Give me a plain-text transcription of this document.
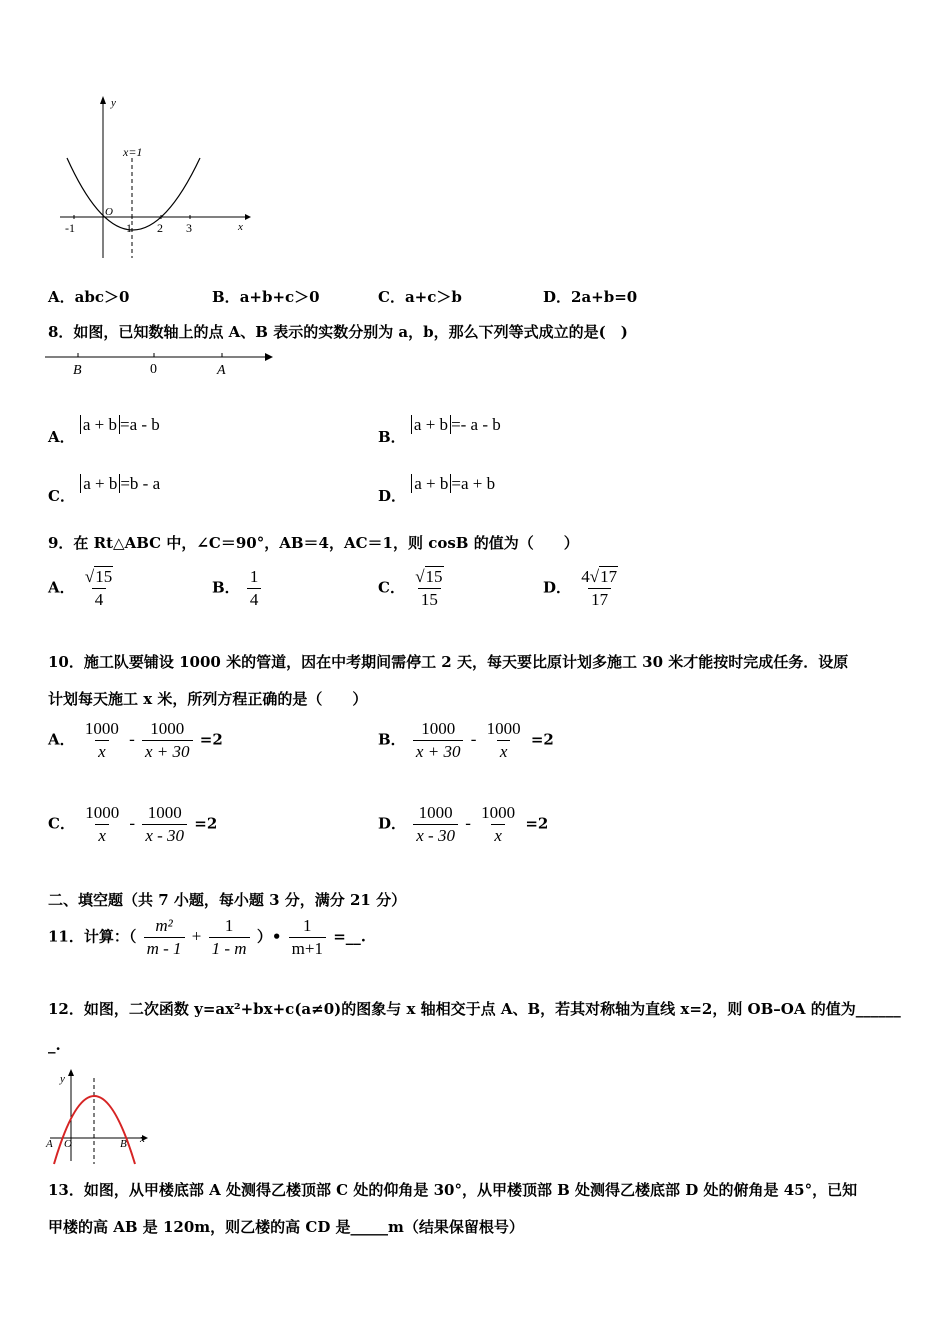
y
x
O
x=1
-1	1 2 3
A．abc＞0	B．a+b+c＞0	C．a+c＞b	D．2a+b=0
8．如图，已知数轴上的点 A、B 表示的实数分别为 a，b，那么下列等式成立的是(　)
B	0	A
A． a + b =a - b
B． a + b =- a - b
C． a + b =b - a
D． a + b =a + b
9．在 Rt△ABC 中，∠C＝90°，AB＝4，AC＝1，则 cosB 的值为（　　）
A． $\frac{√15}{4}$	B． $\frac{1}{4}$	C． $\frac{√15}{15}$	D． $\frac{4√17}{17}$
10．施工队要铺设 1000 米的管道，因在中考期间需停工 2 天，每天要比原计划多施工 30 米才能按时完成任务．设原
计划每天施工 x 米，所列方程正确的是（　　）
A． $\frac{1000}{x} - \frac{1000}{x + 30} =2$	B． $\frac{1000}{x + 30} - \frac{1000}{x} =2$
C． $\frac{1000}{x} - \frac{1000}{x - 30} =2$	D． $\frac{1000}{x - 30} - \frac{1000}{x} =2$
二、填空题（共 7 小题，每小题 3 分，满分 21 分）
11．计算：（ $\frac{\text{m²}}{m - 1} + \frac{1}{1 - m}$ ）• $\frac{1}{m+1}$ =__.
12．如图，二次函数 y=ax²+bx+c(a≠0)的图象与 x 轴相交于点 A、B，若其对称轴为直线 x=2，则 OB–OA 的值为______
_.
y
x
A O	B
13．如图，从甲楼底部 A 处测得乙楼顶部 C 处的仰角是 30°，从甲楼顶部 B 处测得乙楼底部 D 处的俯角是 45°，已知
甲楼的高 AB 是 120m，则乙楼的高 CD 是_____m（结果保留根号）
